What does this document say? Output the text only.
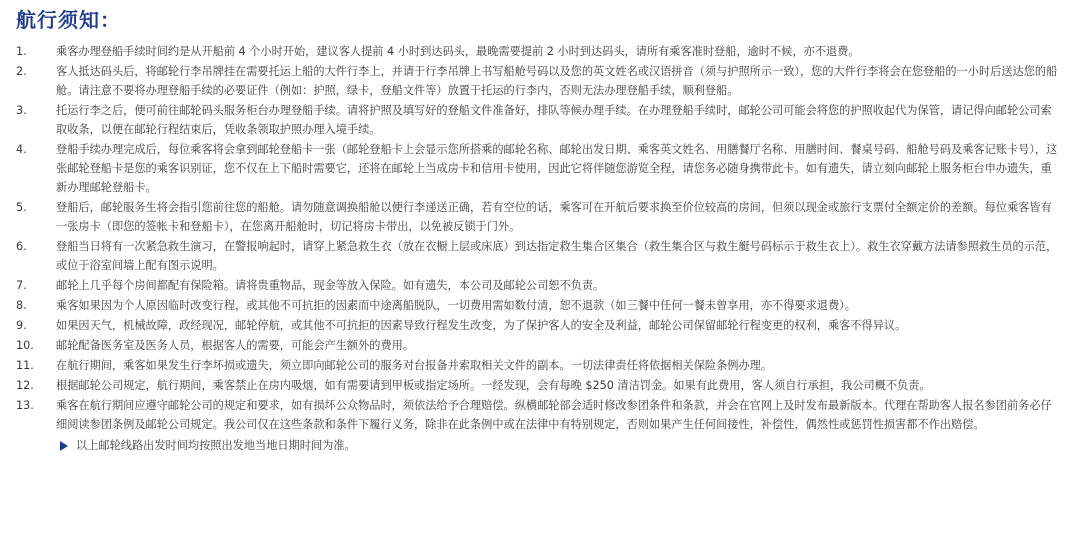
航行须知：
1.	乘客办理登船手续时间约是从开船前 4 个小时开始，建议客人提前 4 小时到达码头，最晚需要提前 2 小时到达码头，请所有乘客准时登船，逾时不候，亦不退费。
2.	客人抵达码头后，将邮轮行李吊牌挂在需要托运上船的大件行李上，并请于行李吊牌上书写船舱号码以及您的英文姓名或汉语拼音（须与护照所示一致），您的大件行李将会在您登船的一小时后送达您的船舱。请注意不要将办理登船手续的必要证件（例如：护照，绿卡，登船文件等）放置于托运的行李内，否则无法办理登船手续，顺利登船。
3.	托运行李之后，便可前往邮轮码头服务柜台办理登船手续。请将护照及填写好的登船文件准备好，排队等候办理手续。在办理登船手续时，邮轮公司可能会将您的护照收起代为保管，请记得向邮轮公司索取收条，以便在邮轮行程结束后，凭收条领取护照办理入境手续。
4.	登船手续办理完成后，每位乘客将会拿到邮轮登船卡一张（邮轮登船卡上会显示您所搭乘的邮轮名称、邮轮出发日期、乘客英文姓名、用膳餐厅名称、用膳时间、餐桌号码、船舱号码及乘客记账卡号），这张邮轮登船卡是您的乘客识别证，您不仅在上下船时需要它，还将在邮轮上当成房卡和信用卡使用，因此它将伴随您游览全程，请您务必随身携带此卡。如有遗失，请立刻向邮轮上服务柜台申办遗失，重新办理邮轮登船卡。
5.	登船后，邮轮服务生将会指引您前往您的船舱。请勿随意调换船舱以便行李递送正确，若有空位的话，乘客可在开航后要求换至价位较高的房间，但须以现金或旅行支票付全额定价的差额。每位乘客皆有一张房卡（即您的签帐卡和登船卡），在您离开船舱时，切记将房卡带出，以免被反锁于门外。
6.	登船当日将有一次紧急救生演习，在警报响起时，请穿上紧急救生衣（放在衣橱上层或床底）到达指定救生集合区集合（救生集合区与救生艇号码标示于救生衣上）。救生衣穿戴方法请参照救生员的示范，或位于浴室间墙上配有图示说明。
7.	邮轮上几乎每个房间都配有保险箱。请将贵重物品，现金等放入保险。如有遗失，本公司及邮轮公司恕不负责。
8.	乘客如果因为个人原因临时改变行程，或其他不可抗拒的因素而中途离船脱队，一切费用需如数付清，恕不退款（如三餐中任何一餐未曾享用，亦不得要求退费）。
9.	如果因天气，机械故障，政经现况，邮轮停航，或其他不可抗拒的因素导致行程发生改变，为了保护客人的安全及利益，邮轮公司保留邮轮行程变更的权利，乘客不得异议。
10.	邮轮配备医务室及医务人员，根据客人的需要，可能会产生额外的费用。
11.	在航行期间，乘客如果发生行李坏损或遗失，须立即向邮轮公司的服务对台报备并索取相关文件的副本。一切法律责任将依据相关保险条例办理。
12.	根据邮轮公司规定，航行期间，乘客禁止在房内吸烟，如有需要请到甲板或指定场所。一经发现，会有每晚 $250 清洁罚金。如果有此费用，客人须自行承担，我公司概不负责。
13.	乘客在航行期间应遵守邮轮公司的规定和要求，如有损坏公众物品时，须依法给予合理赔偿。纵横邮轮部会适时修改参团条件和条款，并会在官网上及时发布最新版本。代理在帮助客人报名参团前务必仔细阅读参团条例及邮轮公司规定。我公司仅在这些条款和条件下履行义务，除非在此条例中或在法律中有特别规定，否则如果产生任何间接性，补偿性，偶然性或惩罚性损害都不作出赔偿。
以上邮轮线路出发时间均按照出发地当地日期时间为准。
